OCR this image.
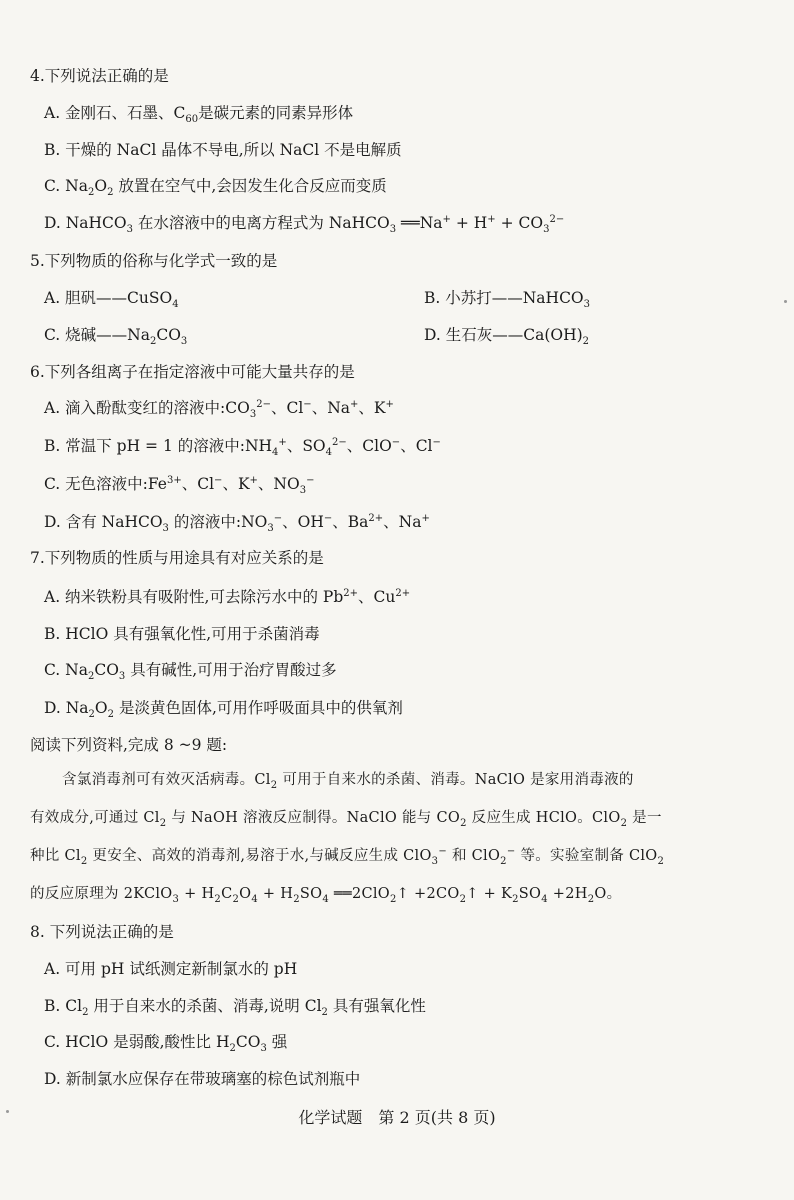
4.下列说法正确的是
A. 金刚石、石墨、$C_{60}$是碳元素的同素异形体
B. 干燥的 NaCl 晶体不导电,所以 NaCl 不是电解质
C. $Na_2O_2$ 放置在空气中,会因发生化合反应而变质
D. NaHCO$_3$ 在水溶液中的电离方程式为 NaHCO$_3$ ══Na+ + $H^+ + CO_3^{2-}$
5.下列物质的俗称与化学式一致的是
A. 胆矾——CuSO$_4$	B. 小苏打——NaHCO$_3$
C. 烧碱$——Na_2CO_3$	D. 生石灰$——Ca(OH)_2$
6.下列各组离子在指定溶液中可能大量共存的是
A. 滴入酚酞变红的溶液中$:CO_3^{2-}$、Cl−、Na+、K+
B. 常温下 pH = 1 的溶液中$:NH_4^+$、$SO_4^{2-}$、ClO−、Cl−
C. 无色溶液中$:Fe^{3+}$、Cl−、K+、$NO_3^-$
D. 含有 NaHCO$_3$ 的溶液中$:NO_3^-$、OH−、$Ba^{2+}$、Na+
7.下列物质的性质与用途具有对应关系的是
A. 纳米铁粉具有吸附性,可去除污水中的 $Pb^{2+}$、$Cu^{2+}$
B. HClO 具有强氧化性,可用于杀菌消毒
C. $Na_2CO_3$ 具有碱性,可用于治疗胃酸过多
D. $Na_2O_2$ 是淡黄色固体,可用作呼吸面具中的供氧剂
阅读下列资料,完成 8 ~9 题:
含氯消毒剂可有效灭活病毒。$Cl_2$ 可用于自来水的杀菌、消毒。NaClO 是家用消毒液的
有效成分,可通过 $Cl_2$ 与 NaOH 溶液反应制得。NaClO 能与 $CO_2$ 反应生成 HClO。ClO$_2$ 是一
种比 $Cl_2$ 更安全、高效的消毒剂,易溶于水,与碱反应生成 ClO$_3$− 和 ClO$_2$− 等。实验室制备 ClO$_2$
的反应原理为 2KClO$_3$ + $H_2C_2O_4 + H_2SO_4$ ══2ClO$_2$↑ $+2CO_2↑ + K_2SO_4 +2H_2O$。
8. 下列说法正确的是
A. 可用 pH 试纸测定新制氯水的 pH
B. $Cl_2$ 用于自来水的杀菌、消毒,说明 $Cl_2$ 具有强氧化性
C. HClO 是弱酸,酸性比 $H_2CO_3$ 强
D. 新制氯水应保存在带玻璃塞的棕色试剂瓶中
化学试题　第 2 页(共 8 页)
